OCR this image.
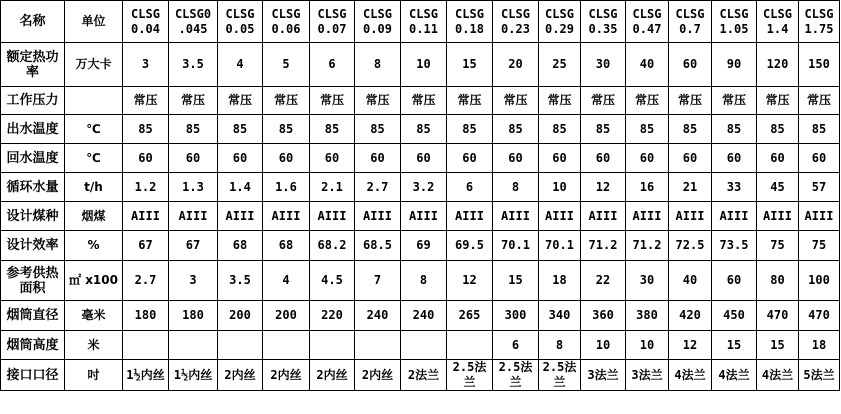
名称	单位	CLSG 0.04	CLSG0 .045	CLSG 0.05	CLSG 0.06	CLSG 0.07	CLSG 0.09	CLSG 0.11	CLSG 0.18	CLSG 0.23	CLSG 0.29	CLSG 0.35	CLSG 0.47	CLSG 0.7	CLSG 1.05	CLSG 1.4	CLSG 1.75
额定热功率	万大卡	3	3.5	4	5	6	8	10	15	20	25	30	40	60	90	120	150
工作压力		常压	常压	常压	常压	常压	常压	常压	常压	常压	常压	常压	常压	常压	常压	常压	常压
出水温度	℃	85	85	85	85	85	85	85	85	85	85	85	85	85	85	85	85
回水温度	℃	60	60	60	60	60	60	60	60	60	60	60	60	60	60	60	60
循环水量	t/h	1.2	1.3	1.4	1.6	2.1	2.7	3.2	6	8	10	12	16	21	33	45	57
设计煤种	烟煤	AIII	AIII	AIII	AIII	AIII	AIII	AIII	AIII	AIII	AIII	AIII	AIII	AIII	AIII	AIII	AIII
设计效率	%	67	67	68	68	68.2	68.5	69	69.5	70.1	70.1	71.2	71.2	72.5	73.5	75	75
参考供热面积	㎡ x100	2.7	3	3.5	4	4.5	7	8	12	15	18	22	30	40	60	80	100
烟筒直径	毫米	180	180	200	200	220	240	240	265	300	340	360	380	420	450	470	470
烟筒高度	米									6	8	10	10	12	15	15	18
接口口径	吋	1½内丝	1½内丝	2内丝	2内丝	2内丝	2内丝	2法兰	2.5法兰	2.5法兰	2.5法兰	3法兰	3法兰	4法兰	4法兰	4法兰	5法兰
